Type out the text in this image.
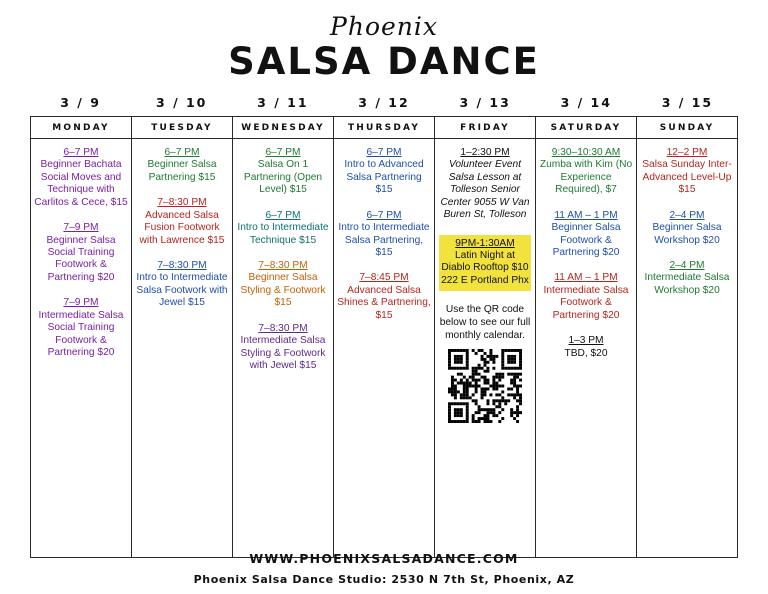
Phoenix
SALSA DANCE
3 / 9	3 / 10	3 / 11	3 / 12	3 / 13	3 / 14	3 / 15
MONDAY	TUESDAY	WEDNESDAY	THURSDAY	FRIDAY	SATURDAY	SUNDAY

6–7 PM
Beginner Bachata Social Moves and Technique with Carlitos & Cece, $15
7–9 PM
Beginner Salsa Social Training Footwork & Partnering $20
7–9 PM
Intermediate Salsa Social Training Footwork & Partnering $20

6–7 PM
Beginner Salsa Partnering $15
7–8:30 PM
Advanced Salsa Fusion Footwork with Lawrence $15
7–8:30 PM
Intro to Intermediate Salsa Footwork with Jewel $15

6–7 PM
Salsa On 1 Partnering (Open Level) $15
6–7 PM
Intro to Intermediate Technique $15
7–8:30 PM
Beginner Salsa Styling & Footwork $15
7–8:30 PM
Intermediate Salsa Styling & Footwork with Jewel $15

6–7 PM
Intro to Advanced Salsa Partnering $15
6–7 PM
Intro to Intermediate Salsa Partnering, $15
7–8:45 PM
Advanced Salsa Shines & Partnering, $15

1–2:30 PM
Volunteer Event Salsa Lesson at Tolleson Senior Center 9055 W Van Buren St, Tolleson
9PM-1:30AM
Latin Night at Diablo Rooftop $10 222 E Portland Phx
Use the QR code below to see our full monthly calendar.

9:30–10:30 AM
Zumba with Kim (No Experience Required), $7
11 AM – 1 PM
Beginner Salsa Footwork & Partnering $20
11 AM – 1 PM
Intermediate Salsa Footwork & Partnering $20
1–3 PM
TBD, $20

12–2 PM
Salsa Sunday Inter-Advanced Level-Up $15
2–4 PM
Beginner Salsa Workshop $20
2–4 PM
Intermediate Salsa Workshop $20
WWW.PHOENIXSALSADANCE.COM
Phoenix Salsa Dance Studio: 2530 N 7th St, Phoenix, AZ
